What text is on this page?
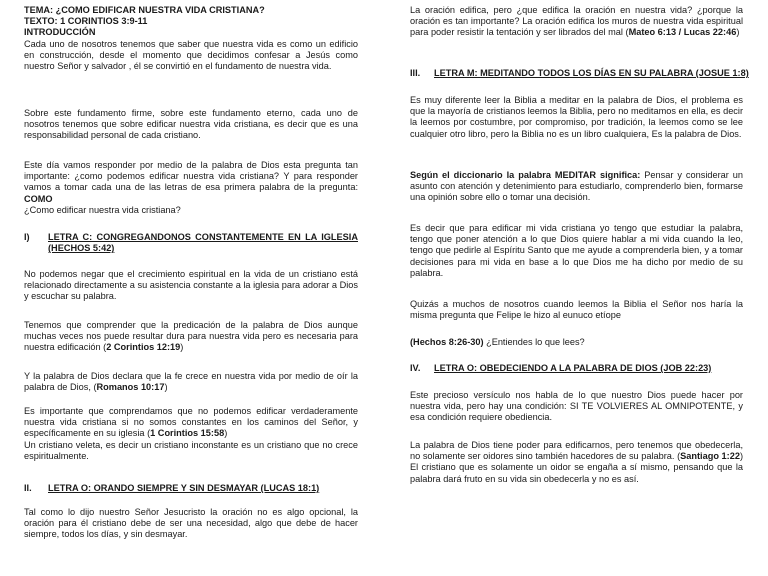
TEMA: ¿COMO EDIFICAR NUESTRA VIDA CRISTIANA?

TEXTO: 1 CORINTIOS 3:9-11

INTRODUCCIÓN

Cada uno de nosotros tenemos que saber que nuestra vida es como un edificio en construcción, desde el momento que decidimos confesar a Jesús como nuestro Señor y salvador , él se convirtió en el fundamento de nuestra vida.

Sobre este fundamento firme, sobre este fundamento eterno, cada uno de nosotros tenemos que sobre edificar nuestra vida cristiana, es decir que es una responsabilidad personal de cada cristiano.

Este día vamos responder por medio de la palabra de Dios esta pregunta tan importante: ¿como podemos edificar nuestra vida cristiana? Y para responder vamos a tomar cada una de las letras de esa primera palabra de la pregunta: COMO

¿Como edificar nuestra vida cristiana?

I)	LETRA C: CONGREGANDONOS CONSTANTEMENTE EN LA IGLESIA (HECHOS 5:42)

No podemos negar que el crecimiento espiritual en la vida de un cristiano está relacionado directamente a su asistencia constante a la iglesia para adorar a Dios y escuchar su palabra.

Tenemos que comprender que la predicación de la palabra de Dios aunque muchas veces nos puede resultar dura para nuestra vida pero es necesaria para nuestra edificación (2 Corintios 12:19)

Y la palabra de Dios declara que la fe crece en nuestra vida por medio de oír la palabra de Dios, (Romanos 10:17)

Es importante que comprendamos que no podemos edificar verdaderamente nuestra vida cristiana si no somos constantes en los caminos del Señor, y específicamente en su iglesia (1 Corintios 15:58)

Un cristiano veleta, es decir un cristiano inconstante es un cristiano que no crece espiritualmente.

II.	LETRA O: ORANDO SIEMPRE Y SIN DESMAYAR (LUCAS 18:1)

Tal como lo dijo nuestro Señor Jesucristo la oración no es algo opcional, la oración para él cristiano debe de ser una necesidad, algo que debe de hacer siempre, todos los días, y sin desmayar.

La oración edifica, pero ¿que edifica la oración en nuestra vida? ¿porque la oración es tan importante? La oración edifica los muros de nuestra vida espiritual para poder resistir la tentación y ser librados del mal (Mateo 6:13 / Lucas 22:46)

III.	LETRA M: MEDITANDO TODOS LOS DÍAS EN SU PALABRA (JOSUE 1:8)

Es muy diferente leer la Biblia a meditar en la palabra de Dios, el problema es que la mayoría de cristianos leemos la Biblia, pero no meditamos en ella, es decir la leemos por costumbre, por compromiso, por tradición, la leemos como se lee cualquier otro libro, pero la Biblia no es un libro cualquiera, Es la palabra de Dios.

Según el diccionario la palabra MEDITAR significa: Pensar y considerar un asunto con atención y detenimiento para estudiarlo, comprenderlo bien, formarse una opinión sobre ello o tomar una decisión.

Es decir que para edificar mi vida cristiana yo tengo que estudiar la palabra, tengo que poner atención a lo que Dios quiere hablar a mi vida cuando la leo, tengo que pedirle al Espíritu Santo que me ayude a comprenderla bien, y a tomar decisiones para mi vida en base a lo que Dios me ha dicho por medio de su palabra.

Quizás a muchos de nosotros cuando leemos la Biblia el Señor nos haría la misma pregunta que Felipe le hizo al eunuco etíope

(Hechos 8:26-30) ¿Entiendes lo que lees?

IV.	LETRA O: OBEDECIENDO A LA PALABRA DE DIOS (JOB 22:23)

Este precioso versículo nos habla de lo que nuestro Dios puede hacer por nuestra vida, pero hay una condición: SI TE VOLVIERES AL OMNIPOTENTE, y esa condición requiere obediencia.

La palabra de Dios tiene poder para edificarnos, pero tenemos que obedecerla, no solamente ser oidores sino también hacedores de su palabra. (Santiago 1:22) El cristiano que es solamente un oidor se engaña a sí mismo, pensando que la palabra dará fruto en su vida sin obedecerla y no es así.
